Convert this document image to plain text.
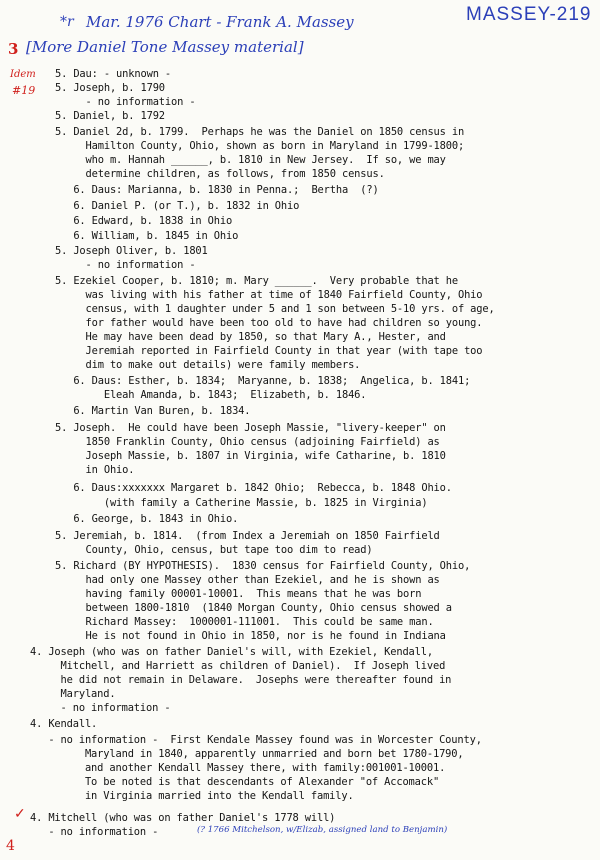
*r Mar. 1976 Chart - Frank A. Massey	MASSEY-219
3 [More Daniel Tone Massey material]
Idem
#19
5. Dau: - unknown -
5. Joseph, b. 1790
- no information -
5. Daniel, b. 1792
5. Daniel 2d, b. 1799.  Perhaps he was the Daniel on 1850 census in
Hamilton County, Ohio, shown as born in Maryland in 1799-1800;
who m. Hannah ______, b. 1810 in New Jersey.  If so, we may
determine children, as follows, from 1850 census.
6. Daus: Marianna, b. 1830 in Penna.;  Bertha  (?)
6. Daniel P. (or T.), b. 1832 in Ohio
6. Edward, b. 1838 in Ohio
6. William, b. 1845 in Ohio
5. Joseph Oliver, b. 1801
- no information -
5. Ezekiel Cooper, b. 1810; m. Mary ______.  Very probable that he
was living with his father at time of 1840 Fairfield County, Ohio
census, with 1 daughter under 5 and 1 son between 5-10 yrs. of age,
for father would have been too old to have had children so young.
He may have been dead by 1850, so that Mary A., Hester, and
Jeremiah reported in Fairfield County in that year (with tape too
dim to make out details) were family members.
6. Daus: Esther, b. 1834;  Maryanne, b. 1838;  Angelica, b. 1841;
Eleah Amanda, b. 1843;  Elizabeth, b. 1846.
6. Martin Van Buren, b. 1834.
5. Joseph.  He could have been Joseph Massie, "livery-keeper" on
1850 Franklin County, Ohio census (adjoining Fairfield) as
Joseph Massie, b. 1807 in Virginia, wife Catharine, b. 1810
in Ohio.
6. Daus:xxxxxxx Margaret b. 1842 Ohio;  Rebecca, b. 1848 Ohio.
(with family a Catherine Massie, b. 1825 in Virginia)
6. George, b. 1843 in Ohio.
5. Jeremiah, b. 1814.  (from Index a Jeremiah on 1850 Fairfield
County, Ohio, census, but tape too dim to read)
5. Richard (BY HYPOTHESIS).  1830 census for Fairfield County, Ohio,
had only one Massey other than Ezekiel, and he is shown as
having family 00001-10001.  This means that he was born
between 1800-1810  (1840 Morgan County, Ohio census showed a
Richard Massey:  1000001-111001.  This could be same man.
He is not found in Ohio in 1850, nor is he found in Indiana
4. Joseph (who was on father Daniel's will, with Ezekiel, Kendall,
Mitchell, and Harriett as children of Daniel).  If Joseph lived
he did not remain in Delaware.  Josephs were thereafter found in
Maryland.
- no information -
4. Kendall.
- no information -  First Kendale Massey found was in Worcester County,
Maryland in 1840, apparently unmarried and born bet 1780-1790,
and another Kendall Massey there, with family:001001-10001.
To be noted is that descendants of Alexander "of Accomack"
in Virginia married into the Kendall family.
4. Mitchell (who was on father Daniel's 1778 will)
- no information -	(? 1766 Mitchelson, w/Elizab, assigned land to Benjamin)
✓
4
